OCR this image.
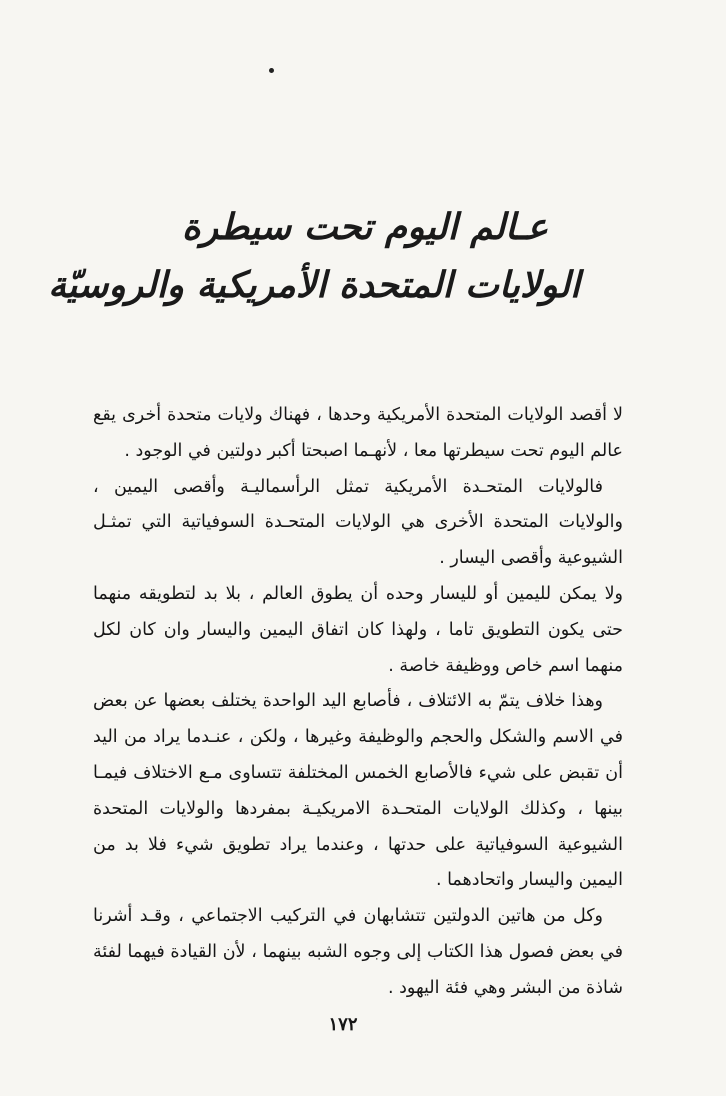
عـالم اليوم تحت سيطرة
الولايات المتحدة الأمريكية والروسيّة

لا أقصد الولايات المتحدة الأمريكية وحدها ، فهناك ولايات متحدة أخرى يقع عالم اليوم تحت سيطرتها معا ، لأنهـما اصبحتا أكبر دولتين في الوجود .

فالولايات المتحـدة الأمريكية تمثل الرأسماليـة وأقصى اليمين ، والولايات المتحدة الأخرى هي الولايات المتحـدة السوفياتية التي تمثـل الشيوعية وأقصى اليسار .

ولا يمكن لليمين أو لليسار وحده أن يطوق العالم ، بلا بد لتطويقه منهما حتى يكون التطويق تاما ، ولهذا كان اتفاق اليمين واليسار وان كان لكل منهما اسم خاص ووظيفة خاصة .

وهذا خلاف يتمّ به الائتلاف ، فأصابع اليد الواحدة يختلف بعضها عن بعض في الاسم والشكل والحجم والوظيفة وغيرها ، ولكن ، عنـدما يراد من اليد أن تقبض على شيء فالأصابع الخمس المختلفة تتساوى مـع الاختلاف فيمـا بينها ، وكذلك الولايات المتحـدة الامريكيـة بمفردها والولايات المتحدة الشيوعية السوفياتية على حدتها ، وعندما يراد تطويق شيء فلا بد من اليمين واليسار واتحادهما .

وكل من هاتين الدولتين تتشابهان في التركيب الاجتماعي ، وقـد أشرنا في بعض فصول هذا الكتاب إلى وجوه الشبه بينهما ، لأن القيادة فيهما لفئة شاذة من البشر وهي فئة اليهود .

١٧٢
